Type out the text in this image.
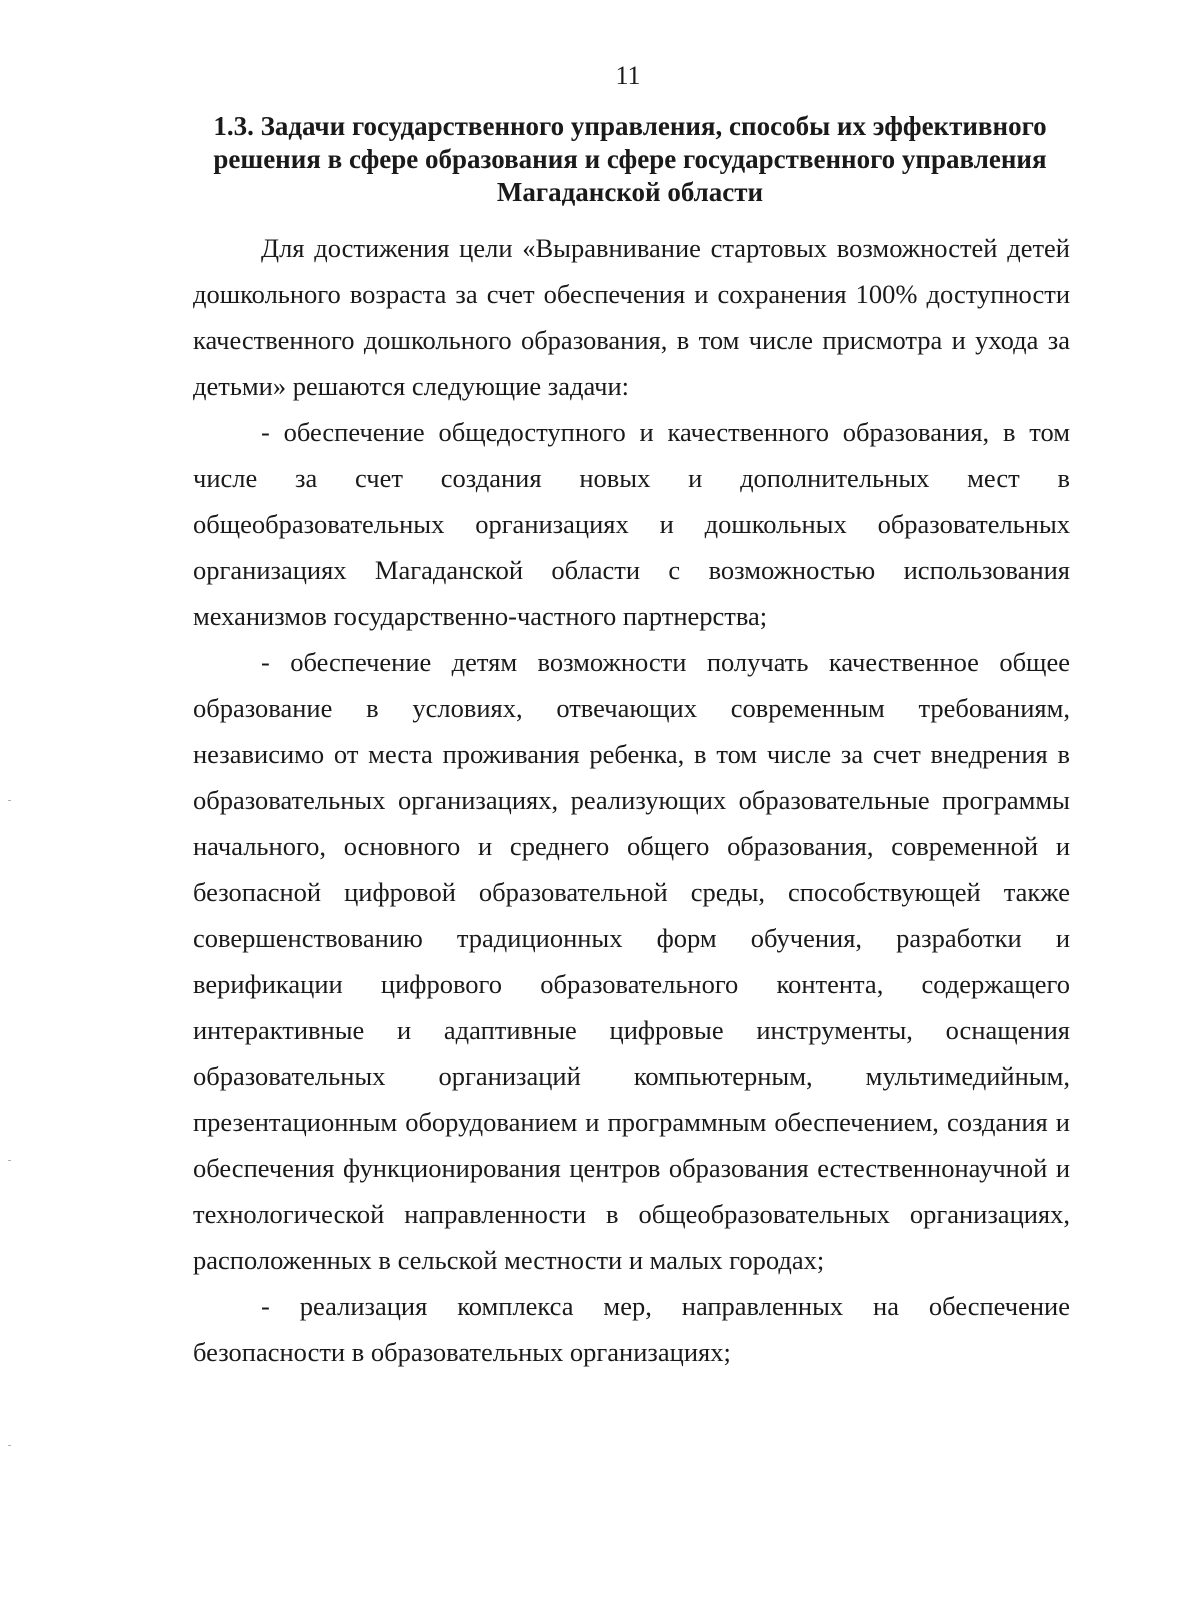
11
1.3. Задачи государственного управления, способы их эффективного
решения в сфере образования и сфере государственного управления
Магаданской области

Для достижения цели «Выравнивание стартовых возможностей детей дошкольного возраста за счет обеспечения и сохранения 100% доступности качественного дошкольного образования, в том числе присмотра и ухода за детьми» решаются следующие задачи:

- обеспечение общедоступного и качественного образования, в том числе за счет создания новых и дополнительных мест в общеобразовательных организациях и дошкольных образовательных организациях Магаданской области с возможностью использования механизмов государственно-частного партнерства;

- обеспечение детям возможности получать качественное общее образование в условиях, отвечающих современным требованиям, независимо от места проживания ребенка, в том числе за счет внедрения в образовательных организациях, реализующих образовательные программы начального, основного и среднего общего образования, современной и безопасной цифровой образовательной среды, способствующей также совершенствованию традиционных форм обучения, разработки и верификации цифрового образовательного контента, содержащего интерактивные и адаптивные цифровые инструменты, оснащения образовательных организаций компьютерным, мультимедийным, презентационным оборудованием и программным обеспечением, создания и обеспечения функционирования центров образования естественнонаучной и технологической направленности в общеобразовательных организациях, расположенных в сельской местности и малых городах;

- реализация комплекса мер, направленных на обеспечение безопасности в образовательных организациях;
